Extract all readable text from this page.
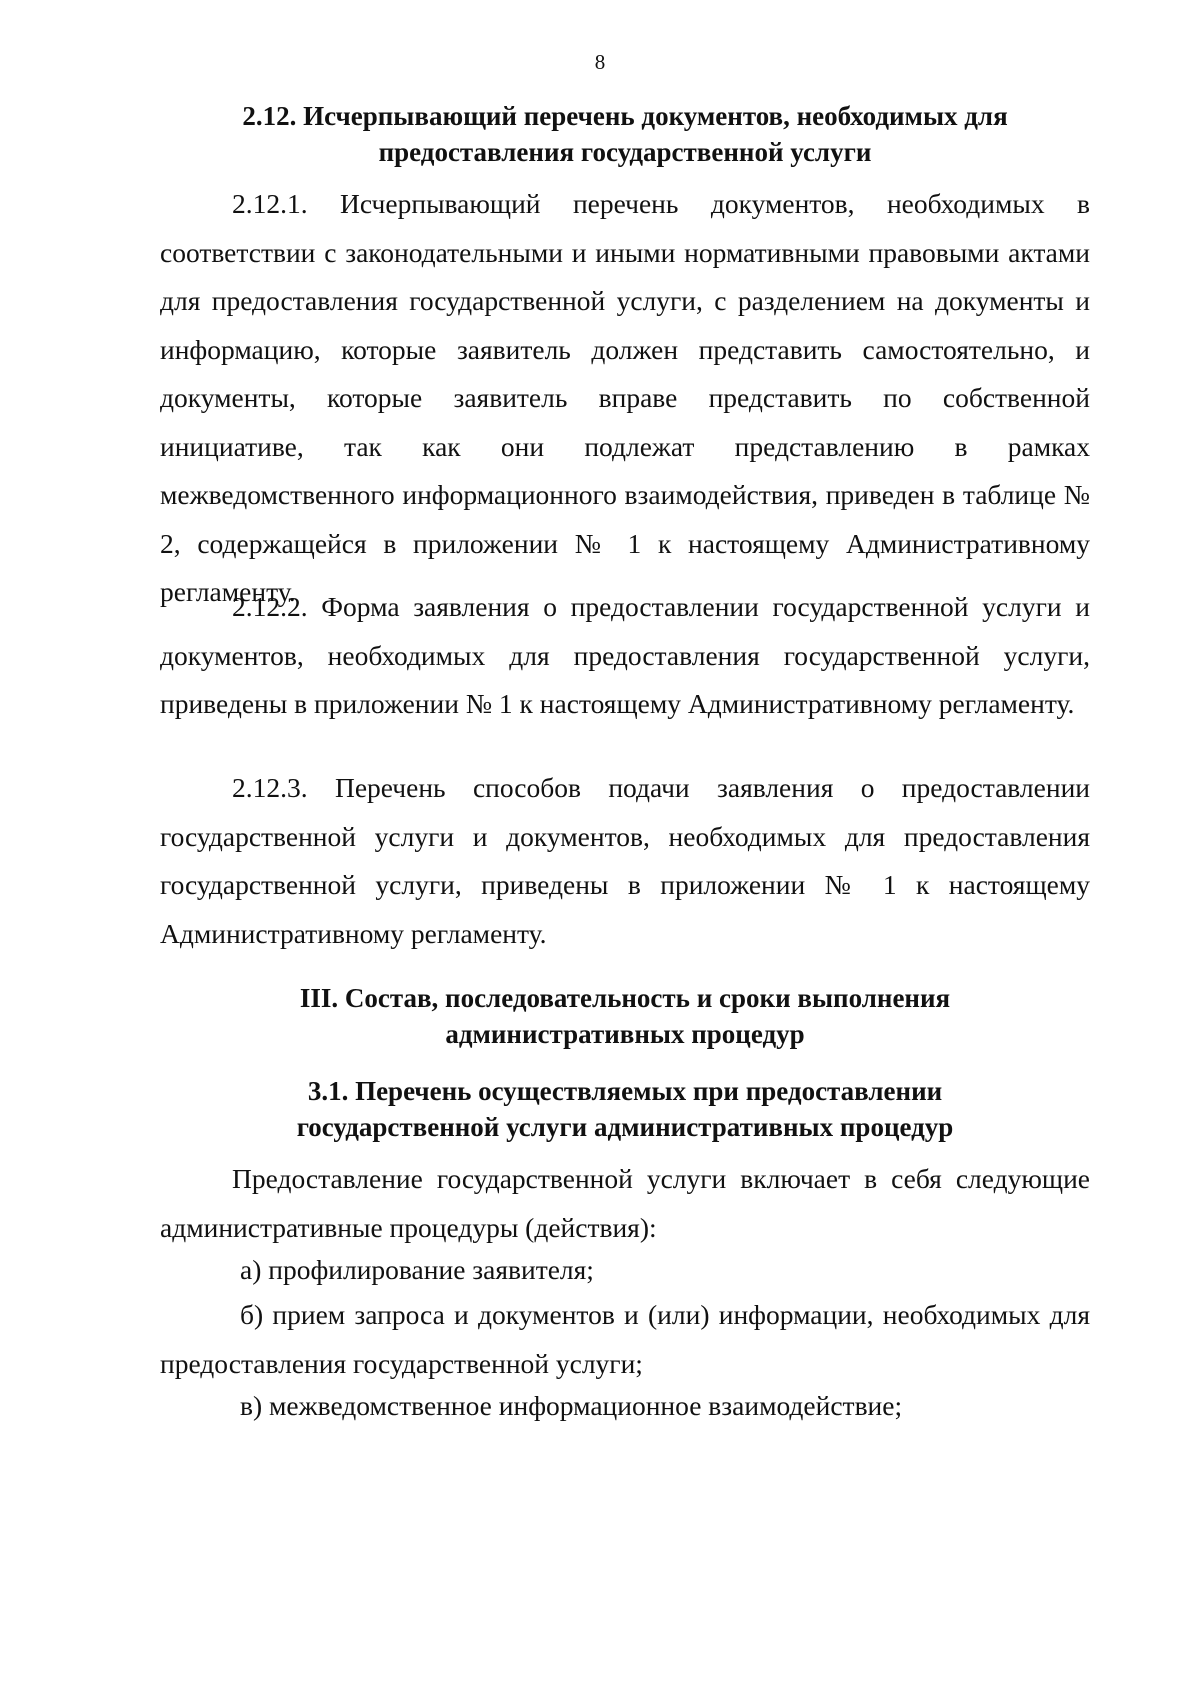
8
2.12. Исчерпывающий перечень документов, необходимых для
предоставления государственной услуги

2.12.1. Исчерпывающий перечень документов, необходимых в соответствии с законодательными и иными нормативными правовыми актами для предоставления государственной услуги, с разделением на документы и информацию, которые заявитель должен представить самостоятельно, и документы, которые заявитель вправе представить по собственной инициативе, так как они подлежат представлению в рамках межведомственного информационного взаимодействия, приведен в таблице № 2, содержащейся в приложении № 1 к настоящему Административному регламенту.

2.12.2. Форма заявления о предоставлении государственной услуги и документов, необходимых для предоставления государственной услуги, приведены в приложении № 1 к настоящему Административному регламенту.

2.12.3. Перечень способов подачи заявления о предоставлении государственной услуги и документов, необходимых для предоставления государственной услуги, приведены в приложении № 1 к настоящему Административному регламенту.

III. Состав, последовательность и сроки выполнения
административных процедур
3.1. Перечень осуществляемых при предоставлении
государственной услуги административных процедур

Предоставление государственной услуги включает в себя следующие административные процедуры (действия):

а) профилирование заявителя;

б) прием запроса и документов и (или) информации, необходимых для предоставления государственной услуги;

в) межведомственное информационное взаимодействие;
